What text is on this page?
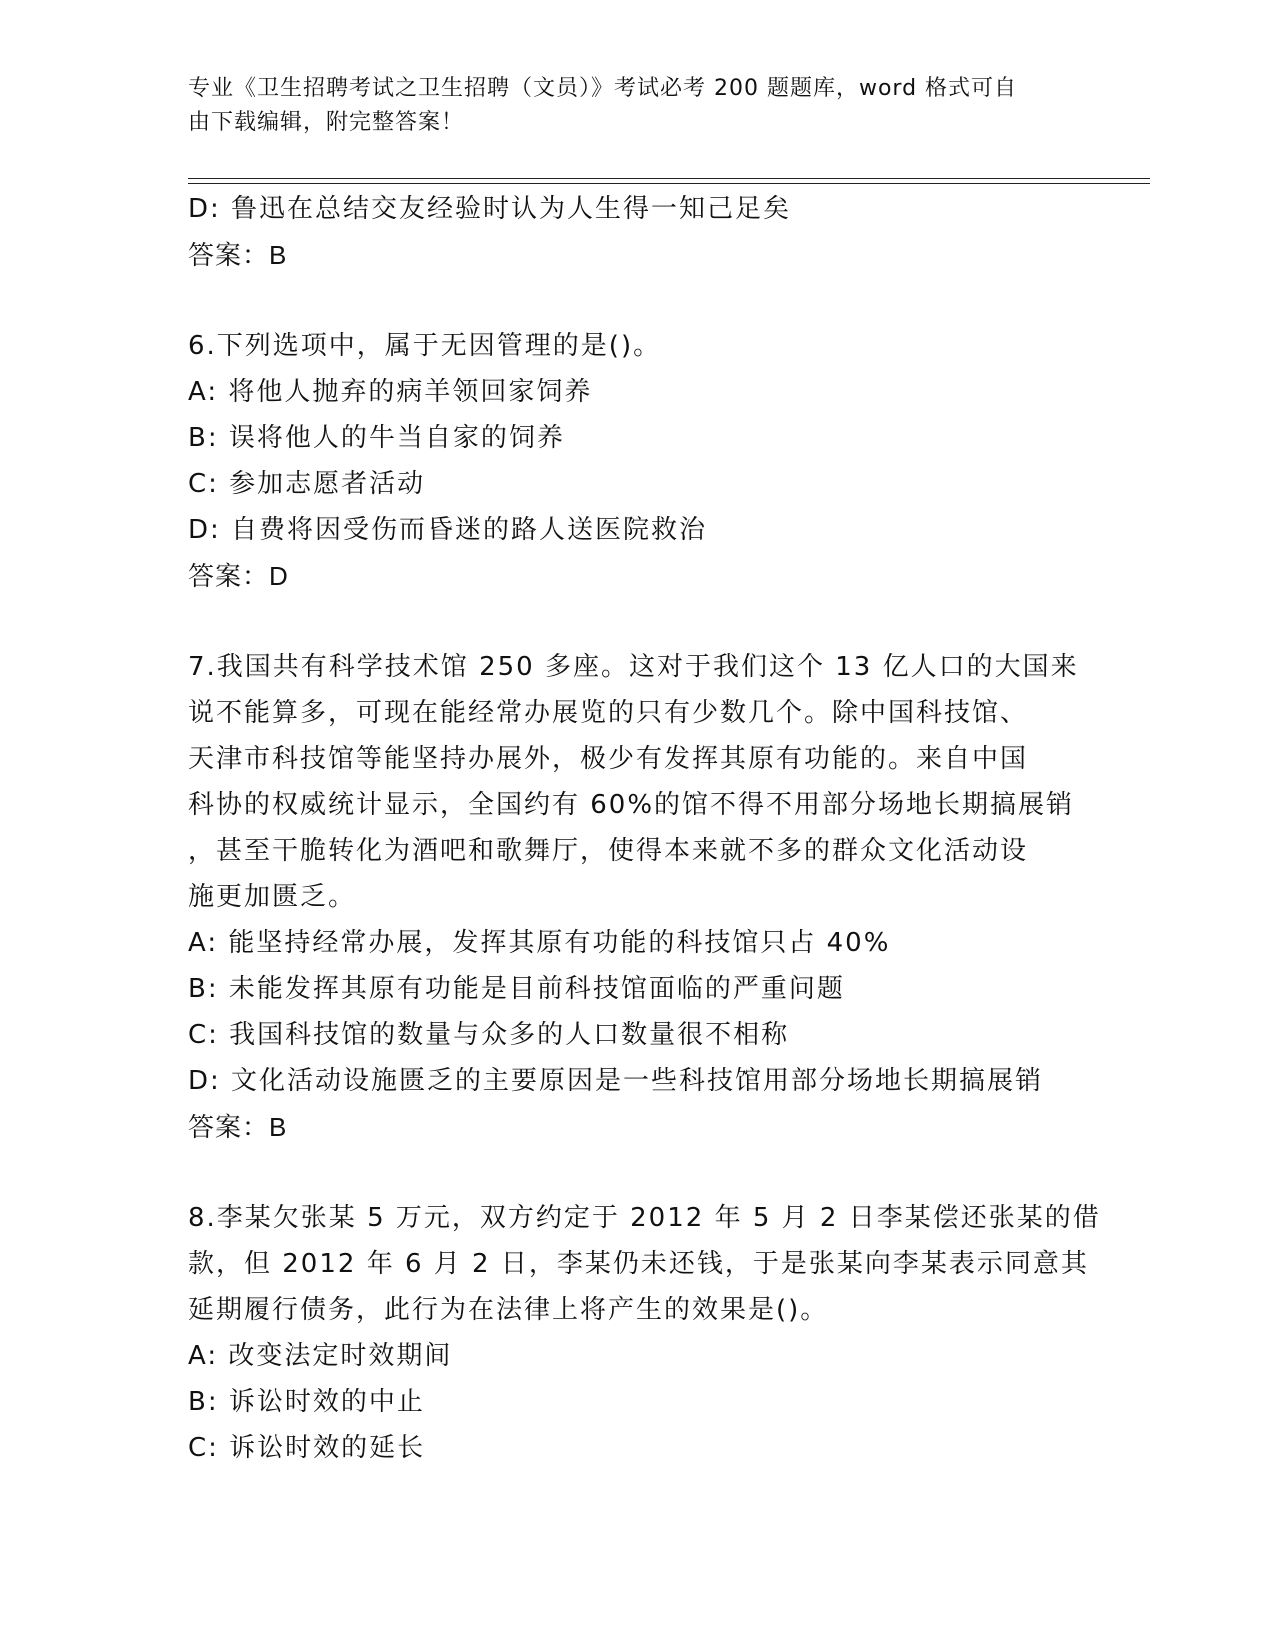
专业《卫生招聘考试之卫生招聘（文员）》考试必考 200 题题库，word 格式可自
由下载编辑，附完整答案！
D: 鲁迅在总结交友经验时认为人生得一知己足矣
答案：B
6.下列选项中，属于无因管理的是()。
A: 将他人抛弃的病羊领回家饲养
B: 误将他人的牛当自家的饲养
C: 参加志愿者活动
D: 自费将因受伤而昏迷的路人送医院救治
答案：D
7.我国共有科学技术馆 250 多座。这对于我们这个 13 亿人口的大国来
说不能算多，可现在能经常办展览的只有少数几个。除中国科技馆、
天津市科技馆等能坚持办展外，极少有发挥其原有功能的。来自中国
科协的权威统计显示，全国约有 60%的馆不得不用部分场地长期搞展销
，甚至干脆转化为酒吧和歌舞厅，使得本来就不多的群众文化活动设
施更加匮乏。
A: 能坚持经常办展，发挥其原有功能的科技馆只占 40%
B: 未能发挥其原有功能是目前科技馆面临的严重问题
C: 我国科技馆的数量与众多的人口数量很不相称
D: 文化活动设施匮乏的主要原因是一些科技馆用部分场地长期搞展销
答案：B
8.李某欠张某 5 万元，双方约定于 2012 年 5 月 2 日李某偿还张某的借
款，但 2012 年 6 月 2 日，李某仍未还钱，于是张某向李某表示同意其
延期履行债务，此行为在法律上将产生的效果是()。
A: 改变法定时效期间
B: 诉讼时效的中止
C: 诉讼时效的延长
